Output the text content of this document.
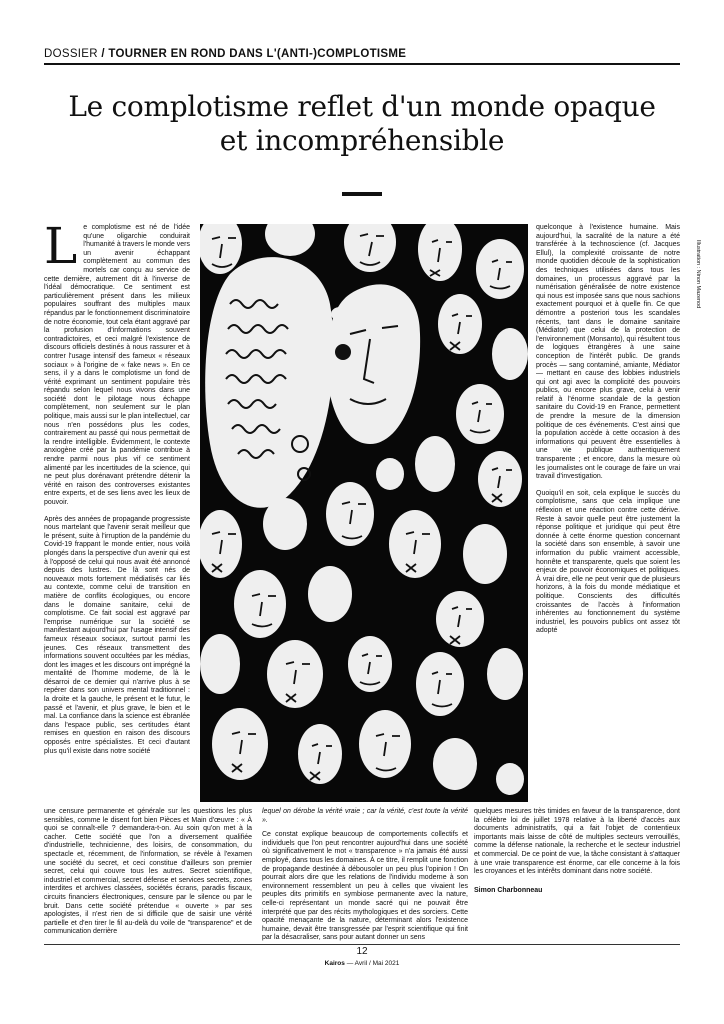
DOSSIER / TOURNER EN ROND DANS L'(ANTI-)COMPLOTISME
Le complotisme reflet d'un monde opaque et incompréhensible
Illustration : Ninon Mazenod

Le complotisme est né de l'idée qu'une oligarchie conduirait l'humanité à travers le monde vers un avenir échappant complètement au commun des mortels car conçu au service de cette dernière, autrement dit à l'inverse de l'idéal démocratique. Ce sentiment est particulièrement présent dans les milieux populaires souffrant des multiples maux répandus par le fonctionnement discriminatoire de notre économie, tout cela étant aggravé par la profusion d'informations souvent contradictoires, et ceci malgré l'existence de discours officiels destinés à nous rassurer et à contrer l'usage intensif des fameux « réseaux sociaux » à l'origine de « fake news ». En ce sens, il y a dans le complotisme un fond de vérité exprimant un sentiment populaire très répandu selon lequel nous vivons dans une société dont le pilotage nous échappe complètement, non seulement sur le plan politique, mais aussi sur le plan intellectuel, car nous n'en possédons plus les codes, contrairement au passé qui nous permettait de la rendre intelligible. Évidemment, le contexte anxiogène créé par la pandémie contribue à rendre parmi nous plus vif ce sentiment alimenté par les incertitudes de la science, qui ne peut plus dorénavant prétendre détenir la vérité en raison des controverses existantes entre experts, et de ses liens avec les lieux de pouvoir.

Après des années de propagande progressiste nous martelant que l'avenir serait meilleur que le présent, suite à l'irruption de la pandémie du Covid-19 frappant le monde entier, nous voilà plongés dans la perspective d'un avenir qui est à l'opposé de celui qui nous avait été annoncé depuis des lustres. De là sont nés de nouveaux mots fortement médiatisés car liés au contexte, comme celui de transition en matière de conflits écologiques, ou encore dans le domaine sanitaire, celui de complotisme. Ce fait social est aggravé par l'emprise numérique sur la société se manifestant aujourd'hui par l'usage intensif des fameux réseaux sociaux, surtout parmi les jeunes. Ces réseaux transmettent des informations souvent occultées par les médias, dont les images et les discours ont imprégné la mentalité de l'homme moderne, de là le désarroi de ce dernier qui n'arrive plus à se repérer dans son univers mental traditionnel : la droite et la gauche, le présent et le futur, le passé et l'avenir, et plus grave, le bien et le mal. La confiance dans la science est ébranlée dans l'espace public, ses certitudes étant remises en question en raison des discours opposés entre spécialistes. Et ceci d'autant plus qu'il existe dans notre société

quelconque à l'existence humaine. Mais aujourd'hui, la sacralité de la nature a été transférée à la technoscience (cf. Jacques Ellul), la complexité croissante de notre monde quotidien découle de la sophistication des techniques utilisées dans tous les domaines, un processus aggravé par la numérisation généralisée de notre existence qui nous est imposée sans que nous sachions exactement pourquoi et à quelle fin. Ce que démontre a posteriori tous les scandales récents, tant dans le domaine sanitaire (Médiator) que celui de la protection de l'environnement (Monsanto), qui résultent tous de logiques étrangères à une saine conception de l'intérêt public. De grands procès — sang contaminé, amiante, Médiator — mettant en cause des lobbies industriels qui ont agi avec la complicité des pouvoirs publics, ou encore plus grave, celui à venir relatif à l'énorme scandale de la gestion sanitaire du Covid-19 en France, permettent de prendre la mesure de la dimension politique de ces événements. C'est ainsi que la population accède à cette occasion à des informations qui peuvent être essentielles à une vie publique authentiquement transparente ; et encore, dans la mesure où les journalistes ont le courage de faire un vrai travail d'investigation.

Quoiqu'il en soit, cela explique le succès du complotisme, sans que cela implique une réflexion et une réaction contre cette dérive. Reste à savoir quelle peut être justement la réponse politique et juridique qui peut être donnée à cette énorme question concernant la société dans son ensemble, à savoir une information du public vraiment accessible, honnête et transparente, quels que soient les enjeux de pouvoir économiques et politiques. À vrai dire, elle ne peut venir que de plusieurs horizons, à la fois du monde médiatique et politique. Conscients des difficultés croissantes de l'accès à l'information inhérentes au fonctionnement du système industriel, les pouvoirs publics ont assez tôt adopté

une censure permanente et générale sur les questions les plus sensibles, comme le disent fort bien Pièces et Main d'œuvre : « À quoi se connaît-elle ? demandera-t-on. Au soin qu'on met à la cacher. Cette société que l'on a diversement qualifiée d'industrielle, technicienne, des loisirs, de consommation, du spectacle et, récemment, de l'information, se révèle à l'examen une société du secret, et ceci constitue d'ailleurs son premier secret, celui qui couvre tous les autres. Secret scientifique, industriel et commercial, secret défense et services secrets, zones interdites et archives classées, sociétés écrans, paradis fiscaux, circuits financiers électroniques, censure par le silence ou par le bruit. Dans cette société prétendue « ouverte » par ses apologistes, il n'est rien de si difficile que de saisir une vérité partielle et d'en tirer le fil au-delà du voile de "transparence" et de communication derrière
lequel on dérobe la vérité vraie ; car la vérité, c'est toute la vérité ».
Ce constat explique beaucoup de comportements collectifs et individuels que l'on peut rencontrer aujourd'hui dans une société où significativement le mot « transparence » n'a jamais été aussi employé, dans tous les domaines. À ce titre, il remplit une fonction de propagande destinée à débousoler un peu plus l'opinion ! On pourrait alors dire que les relations de l'individu moderne à son environnement ressemblent un peu à celles que vivaient les peuples dits primitifs en symbiose permanente avec la nature, celle-ci représentant un monde sacré qui ne pouvait être interprété que par des récits mythologiques et des sorciers. Cette opacité menaçante de la nature, déterminant alors l'existence humaine, devait être transgressée par l'esprit scientifique qui finit par la désacraliser, sans pour autant donner un sens
quelques mesures très timides en faveur de la transparence, dont la célèbre loi de juillet 1978 relative à la liberté d'accès aux documents administratifs, qui a fait l'objet de contentieux importants mais laisse de côté de multiples secteurs verrouillés, comme la défense nationale, la recherche et le secteur industriel et commercial. De ce point de vue, la tâche consistant à s'attaquer à une vraie transparence est énorme, car elle concerne à la fois les croyances et les intérêts dominant dans notre société.
Simon Charbonneau
12
Kairos — Avril / Mai 2021
